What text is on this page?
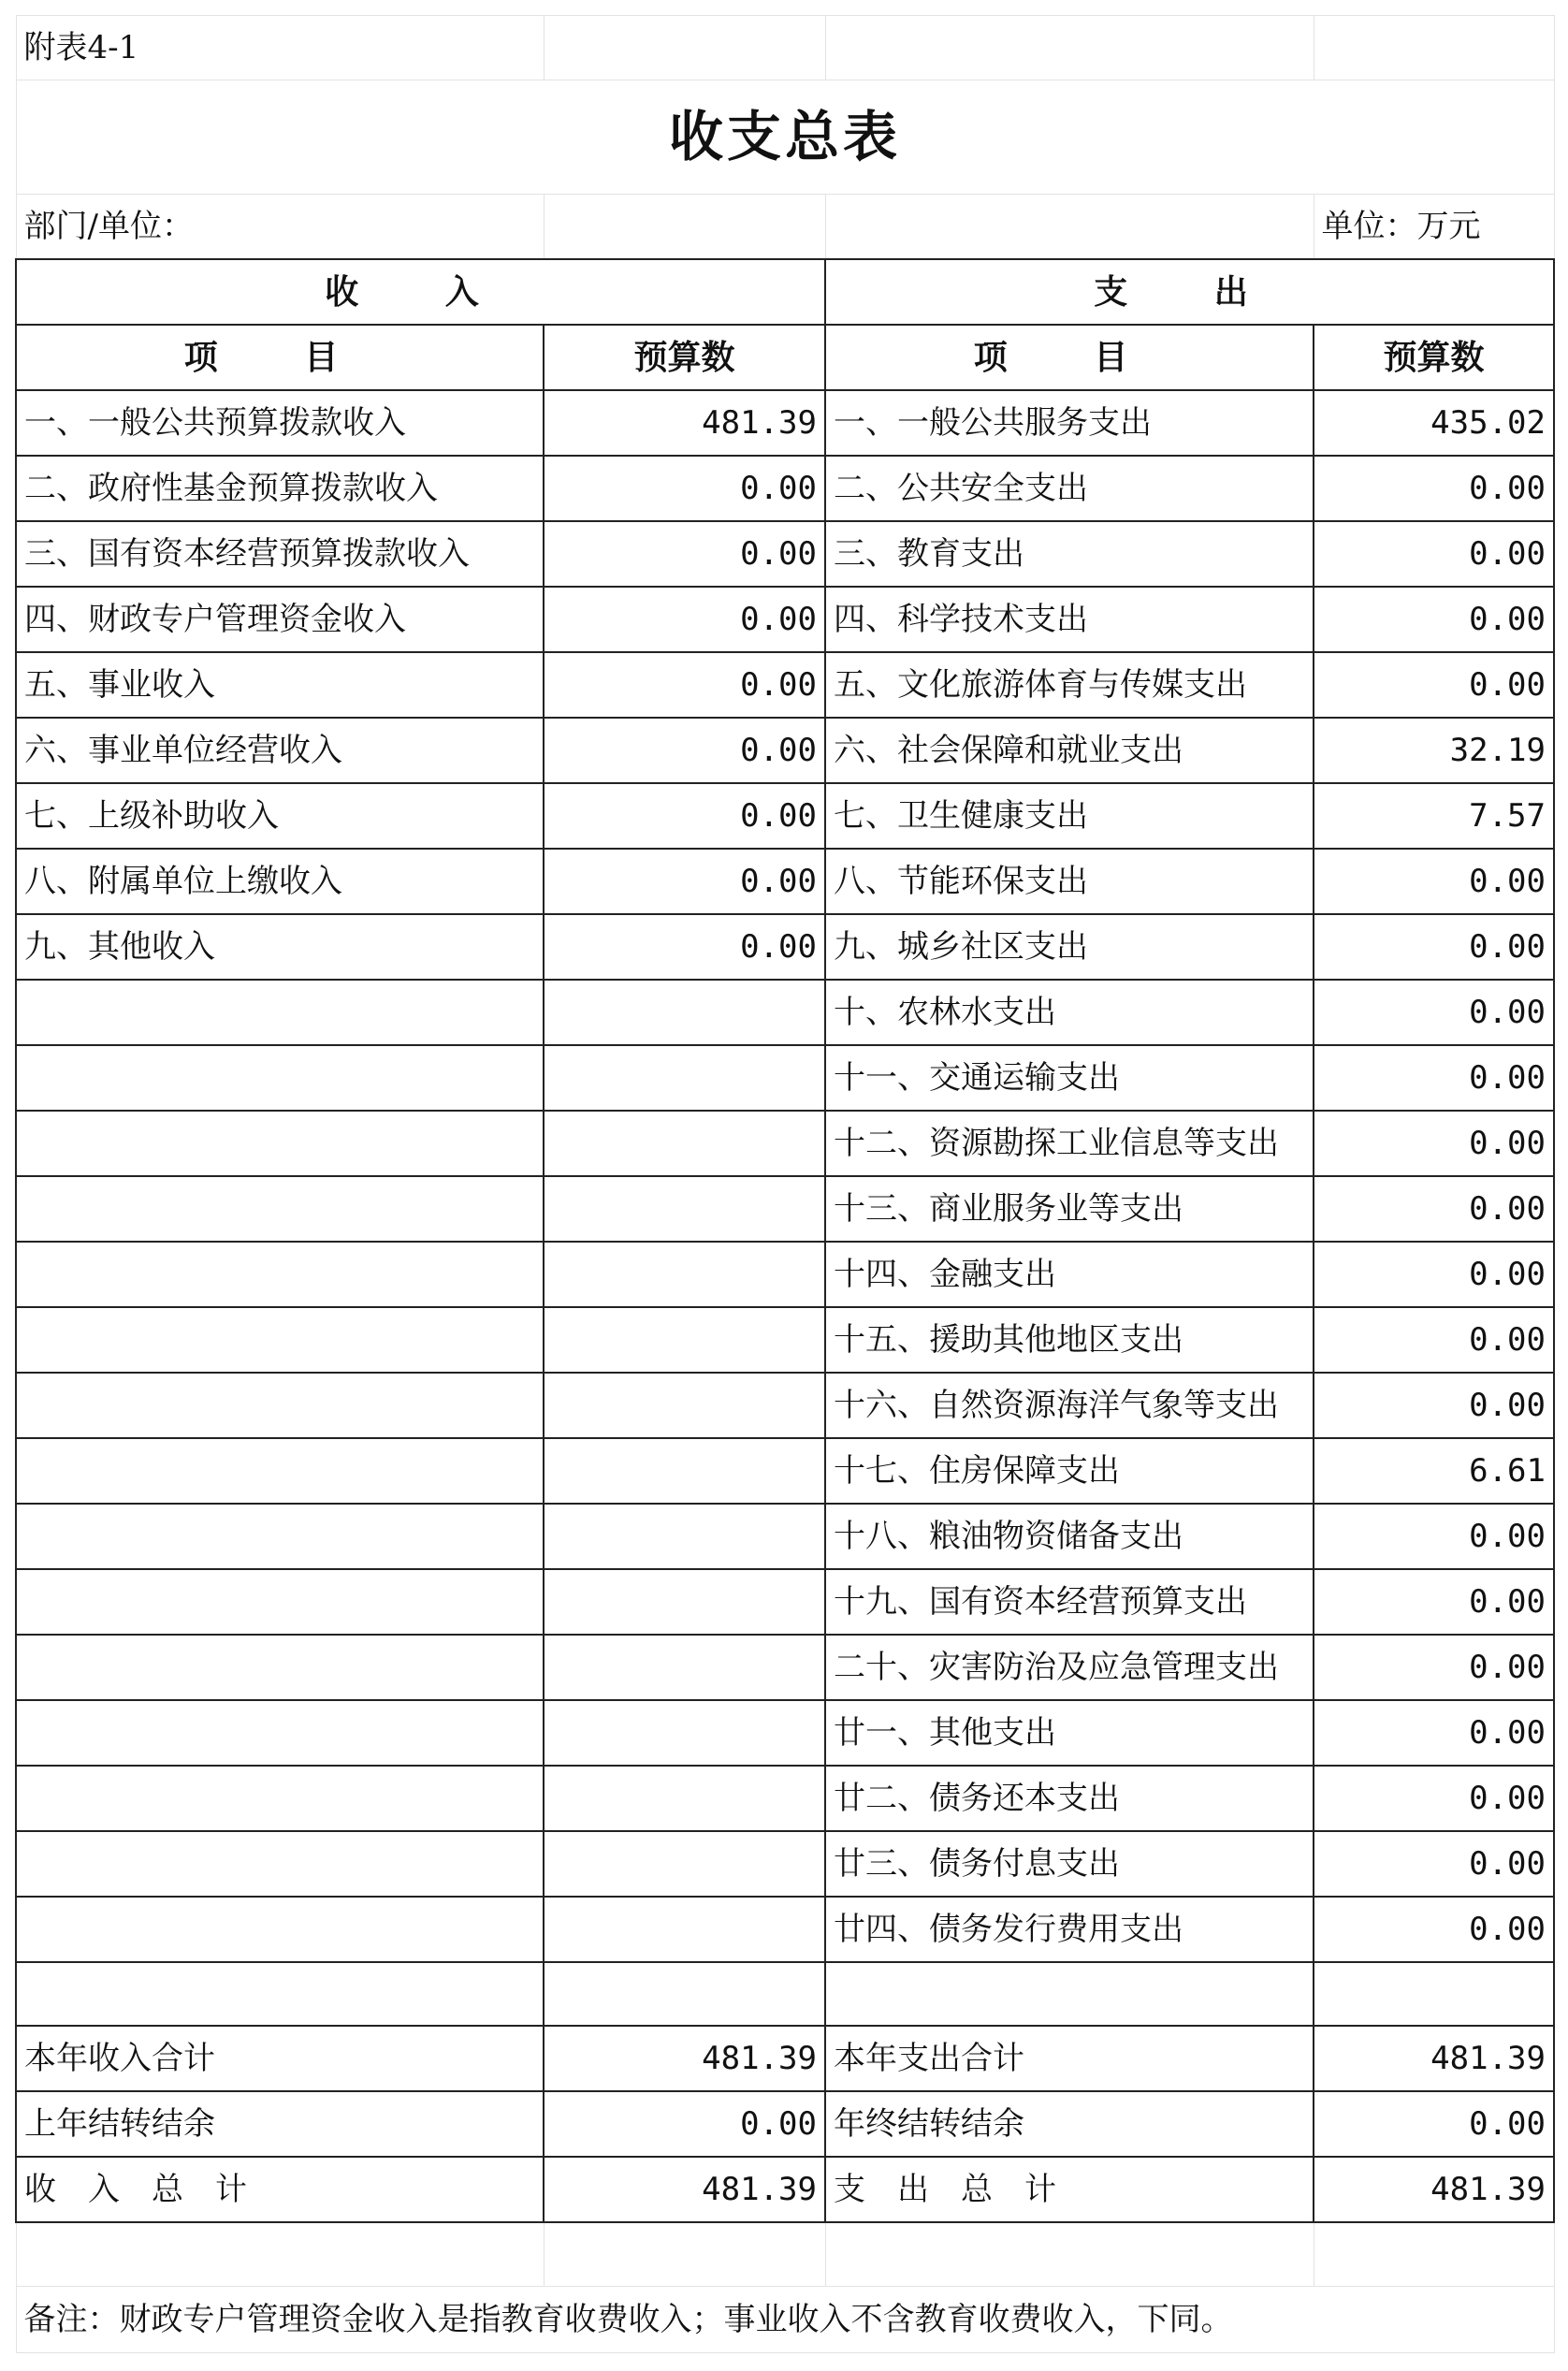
附表4-1			
收支总表			
部门/单位：			单位：万元
收 入		支 出	
项 目	预算数	项 目	预算数
一、一般公共预算拨款收入	481.39	一、一般公共服务支出	435.02
二、政府性基金预算拨款收入	0.00	二、公共安全支出	0.00
三、国有资本经营预算拨款收入	0.00	三、教育支出	0.00
四、财政专户管理资金收入	0.00	四、科学技术支出	0.00
五、事业收入	0.00	五、文化旅游体育与传媒支出	0.00
六、事业单位经营收入	0.00	六、社会保障和就业支出	32.19
七、上级补助收入	0.00	七、卫生健康支出	7.57
八、附属单位上缴收入	0.00	八、节能环保支出	0.00
九、其他收入	0.00	九、城乡社区支出	0.00
		十、农林水支出	0.00
		十一、交通运输支出	0.00
		十二、资源勘探工业信息等支出	0.00
		十三、商业服务业等支出	0.00
		十四、金融支出	0.00
		十五、援助其他地区支出	0.00
		十六、自然资源海洋气象等支出	0.00
		十七、住房保障支出	6.61
		十八、粮油物资储备支出	0.00
		十九、国有资本经营预算支出	0.00
		二十、灾害防治及应急管理支出	0.00
		廿一、其他支出	0.00
		廿二、债务还本支出	0.00
		廿三、债务付息支出	0.00
		廿四、债务发行费用支出	0.00

本年收入合计	481.39	本年支出合计	481.39
上年结转结余	0.00	年终结转结余	0.00
收入总计	481.39	支出总计	481.39

备注：财政专户管理资金收入是指教育收费收入；事业收入不含教育收费收入，下同。			
